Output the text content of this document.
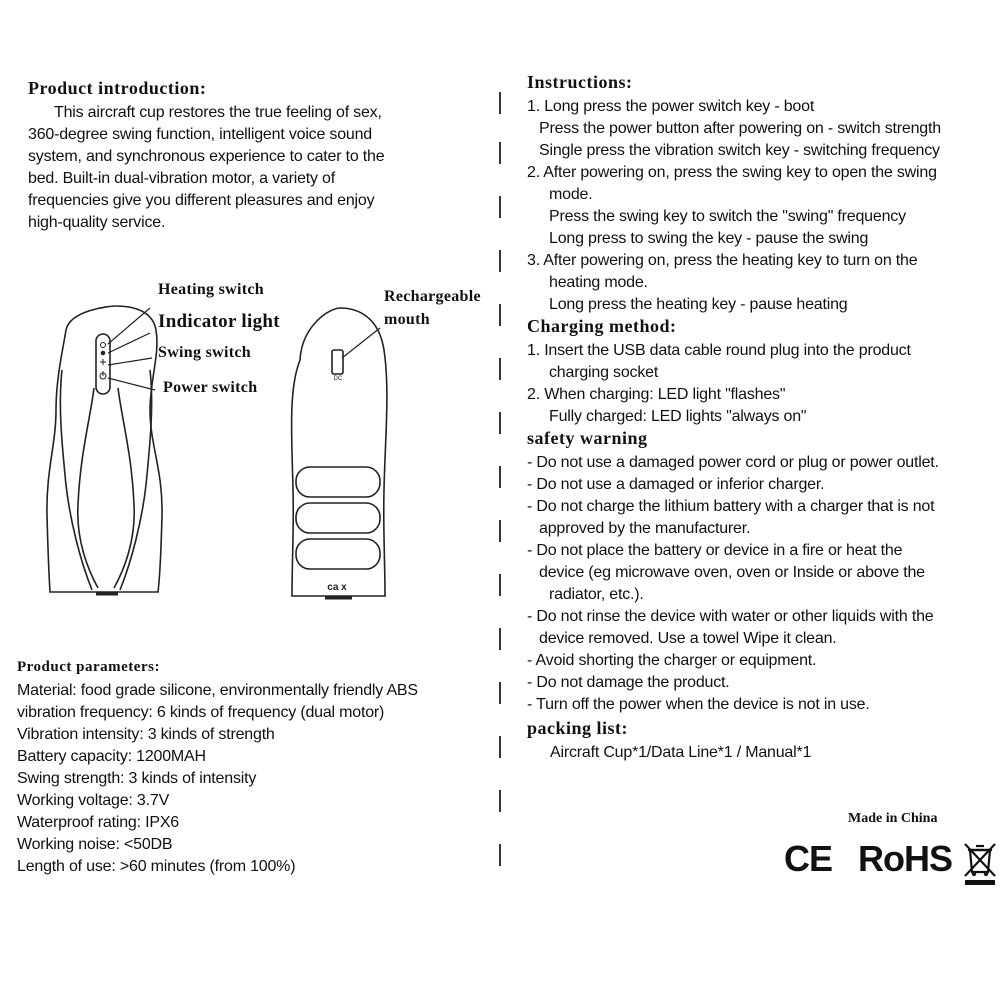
Product introduction:
This aircraft cup restores the true feeling of sex,
360-degree swing function, intelligent voice sound
system, and synchronous experience to cater to the
bed. Built-in dual-vibration motor, a variety of
frequencies give you different pleasures and enjoy
high-quality service.
DC
ca x
Heating switch
Indicator light
Swing switch
Power switch
Rechargeable
mouth
Product parameters:
Material: food grade silicone, environmentally friendly ABS
vibration frequency: 6 kinds of frequency (dual motor)
Vibration intensity: 3 kinds of strength
Battery capacity: 1200MAH
Swing strength: 3 kinds of intensity
Working voltage: 3.7V
Waterproof rating: IPX6
Working noise: <50DB
Length of use: >60 minutes (from 100%)
Instructions:
1. Long press the power switch key - boot
Press the power button after powering on - switch strength
Single press the vibration switch key - switching frequency
2. After powering on, press the swing key to open the swing
mode.
Press the swing key to switch the "swing" frequency
Long press to swing the key - pause the swing
3. After powering on, press the heating key to turn on the
heating mode.
Long press the heating key - pause heating
Charging method:
1. Insert the USB data cable round plug into the product
charging socket
2. When charging: LED light "flashes"
Fully charged: LED lights "always on"
safety warning
- Do not use a damaged power cord or plug or power outlet.
- Do not use a damaged or inferior charger.
- Do not charge the lithium battery with a charger that is not
approved by the manufacturer.
- Do not place the battery or device in a fire or heat the
device (eg microwave oven, oven or Inside or above the
radiator, etc.).
- Do not rinse the device with water or other liquids with the
device removed. Use a towel Wipe it clean.
- Avoid shorting the charger or equipment.
- Do not damage the product.
- Turn off the power when the device is not in use.
packing list:
Aircraft Cup*1/Data Line*1 / Manual*1
Made in China
CE RoHS
